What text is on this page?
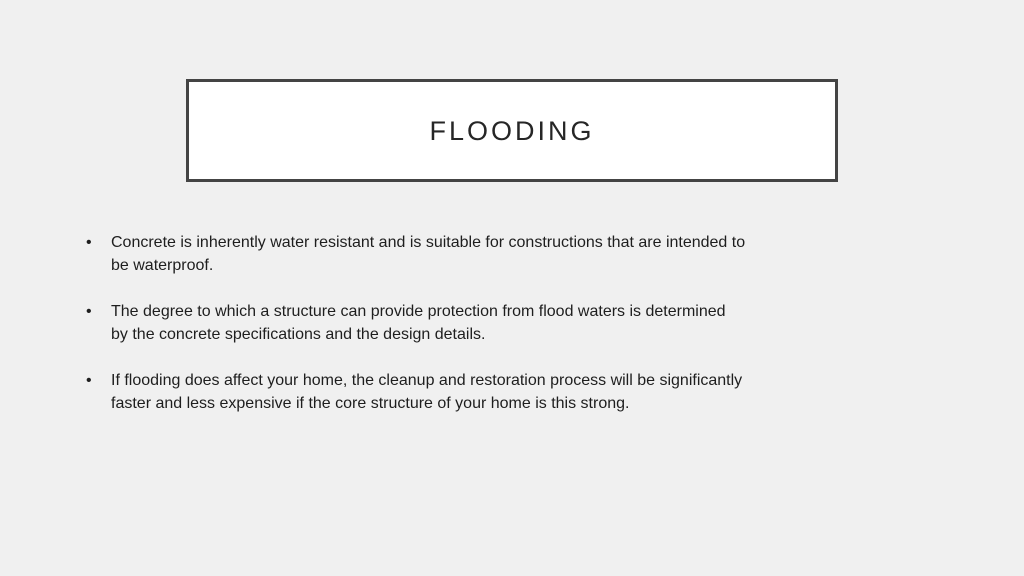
FLOODING
•	Concrete is inherently water resistant and is suitable for constructions that are intended to be waterproof.
•	The degree to which a structure can provide protection from flood waters is determined by the concrete specifications and the design details.
•	If flooding does affect your home, the cleanup and restoration process will be significantly faster and less expensive if the core structure of your home is this strong.
